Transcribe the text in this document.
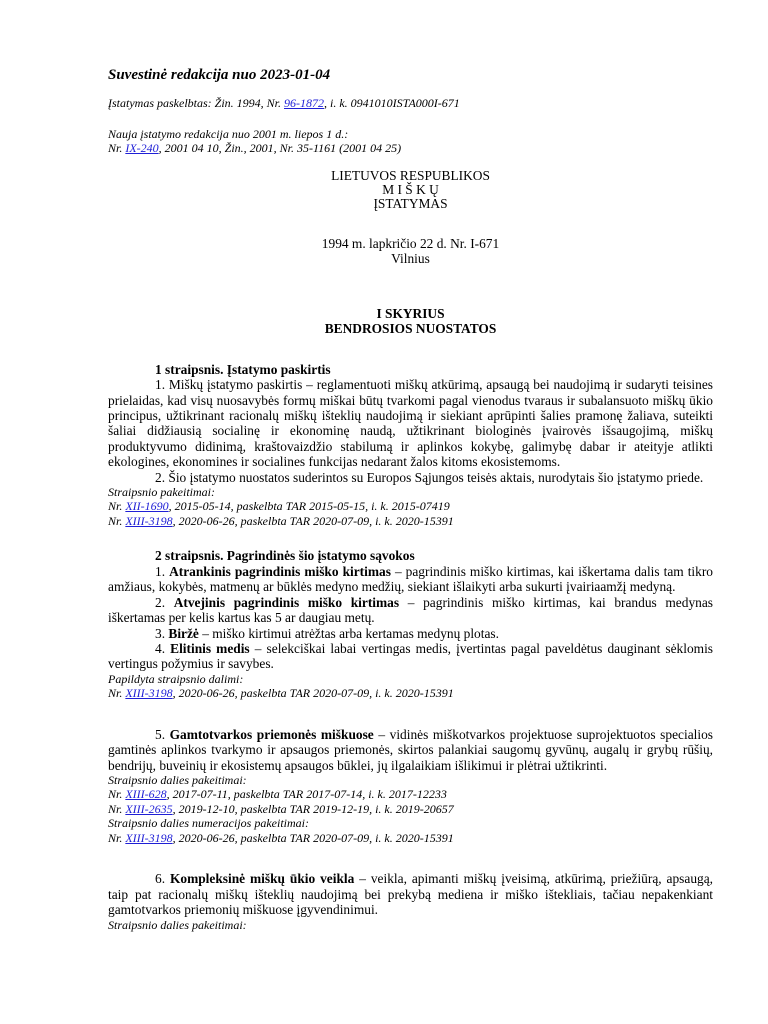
Suvestinė redakcija nuo 2023-01-04

Įstatymas paskelbtas: Žin. 1994, Nr. 96-1872, i. k. 0941010ISTA000I-671

Nauja įstatymo redakcija nuo 2001 m. liepos 1 d.:

Nr. IX-240, 2001 04 10, Žin., 2001, Nr. 35-1161 (2001 04 25)

LIETUVOS RESPUBLIKOS

M I Š K Ų

ĮSTATYMAS

1994 m. lapkričio 22 d. Nr. I-671

Vilnius

I SKYRIUS

BENDROSIOS NUOSTATOS

1 straipsnis. Įstatymo paskirtis

1. Miškų įstatymo paskirtis – reglamentuoti miškų atkūrimą, apsaugą bei naudojimą ir sudaryti teisines prielaidas, kad visų nuosavybės formų miškai būtų tvarkomi pagal vienodus tvaraus ir subalansuoto miškų ūkio principus, užtikrinant racionalų miškų išteklių naudojimą ir siekiant aprūpinti šalies pramonę žaliava, suteikti šaliai didžiausią socialinę ir ekonominę naudą, užtikrinant biologinės įvairovės išsaugojimą, miškų produktyvumo didinimą, kraštovaizdžio stabilumą ir aplinkos kokybę, galimybę dabar ir ateityje atlikti ekologines, ekonomines ir socialines funkcijas nedarant žalos kitoms ekosistemoms.

2. Šio įstatymo nuostatos suderintos su Europos Sąjungos teisės aktais, nurodytais šio įstatymo priede.

Straipsnio pakeitimai:

Nr. XII-1690, 2015-05-14, paskelbta TAR 2015-05-15, i. k. 2015-07419

Nr. XIII-3198, 2020-06-26, paskelbta TAR 2020-07-09, i. k. 2020-15391

2 straipsnis. Pagrindinės šio įstatymo sąvokos

1. Atrankinis pagrindinis miško kirtimas – pagrindinis miško kirtimas, kai iškertama dalis tam tikro amžiaus, kokybės, matmenų ar būklės medyno medžių, siekiant išlaikyti arba sukurti įvairiaamžį medyną.

2. Atvejinis pagrindinis miško kirtimas – pagrindinis miško kirtimas, kai brandus medynas iškertamas per kelis kartus kas 5 ar daugiau metų.

3. Biržė – miško kirtimui atrėžtas arba kertamas medynų plotas.

4. Elitinis medis – selekciškai labai vertingas medis, įvertintas pagal paveldėtus dauginant sėklomis vertingus požymius ir savybes.

Papildyta straipsnio dalimi:

Nr. XIII-3198, 2020-06-26, paskelbta TAR 2020-07-09, i. k. 2020-15391

5. Gamtotvarkos priemonės miškuose – vidinės miškotvarkos projektuose suprojektuotos specialios gamtinės aplinkos tvarkymo ir apsaugos priemonės, skirtos palankiai saugomų gyvūnų, augalų ir grybų rūšių, bendrijų, buveinių ir ekosistemų apsaugos būklei, jų ilgalaikiam išlikimui ir plėtrai užtikrinti.

Straipsnio dalies pakeitimai:

Nr. XIII-628, 2017-07-11, paskelbta TAR 2017-07-14, i. k. 2017-12233

Nr. XIII-2635, 2019-12-10, paskelbta TAR 2019-12-19, i. k. 2019-20657

Straipsnio dalies numeracijos pakeitimai:

Nr. XIII-3198, 2020-06-26, paskelbta TAR 2020-07-09, i. k. 2020-15391

6. Kompleksinė miškų ūkio veikla – veikla, apimanti miškų įveisimą, atkūrimą, priežiūrą, apsaugą, taip pat racionalų miškų išteklių naudojimą bei prekybą mediena ir miško ištekliais, tačiau nepakenkiant gamtotvarkos priemonių miškuose įgyvendinimui.

Straipsnio dalies pakeitimai:
